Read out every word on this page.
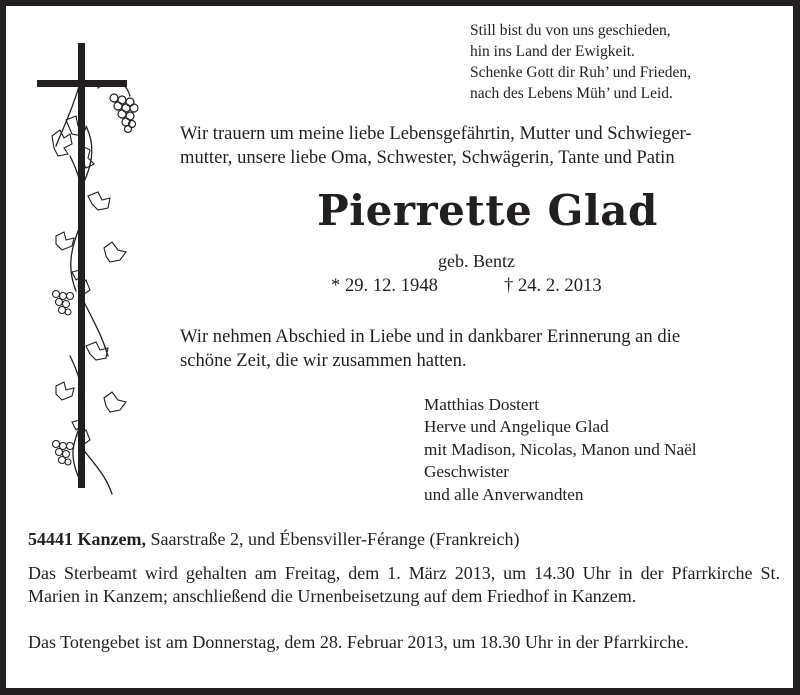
Still bist du von uns geschieden,
hin ins Land der Ewigkeit.
Schenke Gott dir Ruh’ und Frieden,
nach des Lebens Müh’ und Leid.
Wir trauern um meine liebe Lebensgefährtin, Mutter und Schwieger-
mutter, unsere liebe Oma, Schwester, Schwägerin, Tante und Patin
Pierrette Glad
geb. Bentz
* 29. 12. 1948	† 24. 2. 2013
Wir nehmen Abschied in Liebe und in dankbarer Erinnerung an die
schöne Zeit, die wir zusammen hatten.
Matthias Dostert
Herve und Angelique Glad
mit Madison, Nicolas, Manon und Naël
Geschwister
und alle Anverwandten
54441 Kanzem, Saarstraße 2, und Ébensviller-Férange (Frankreich)
Das Sterbeamt wird gehalten am Freitag, dem 1. März 2013, um 14.30 Uhr in der Pfarrkirche St. Marien in Kanzem; anschließend die Urnenbeisetzung auf dem Friedhof in Kanzem.
Das Totengebet ist am Donnerstag, dem 28. Februar 2013, um 18.30 Uhr in der Pfarrkirche.
